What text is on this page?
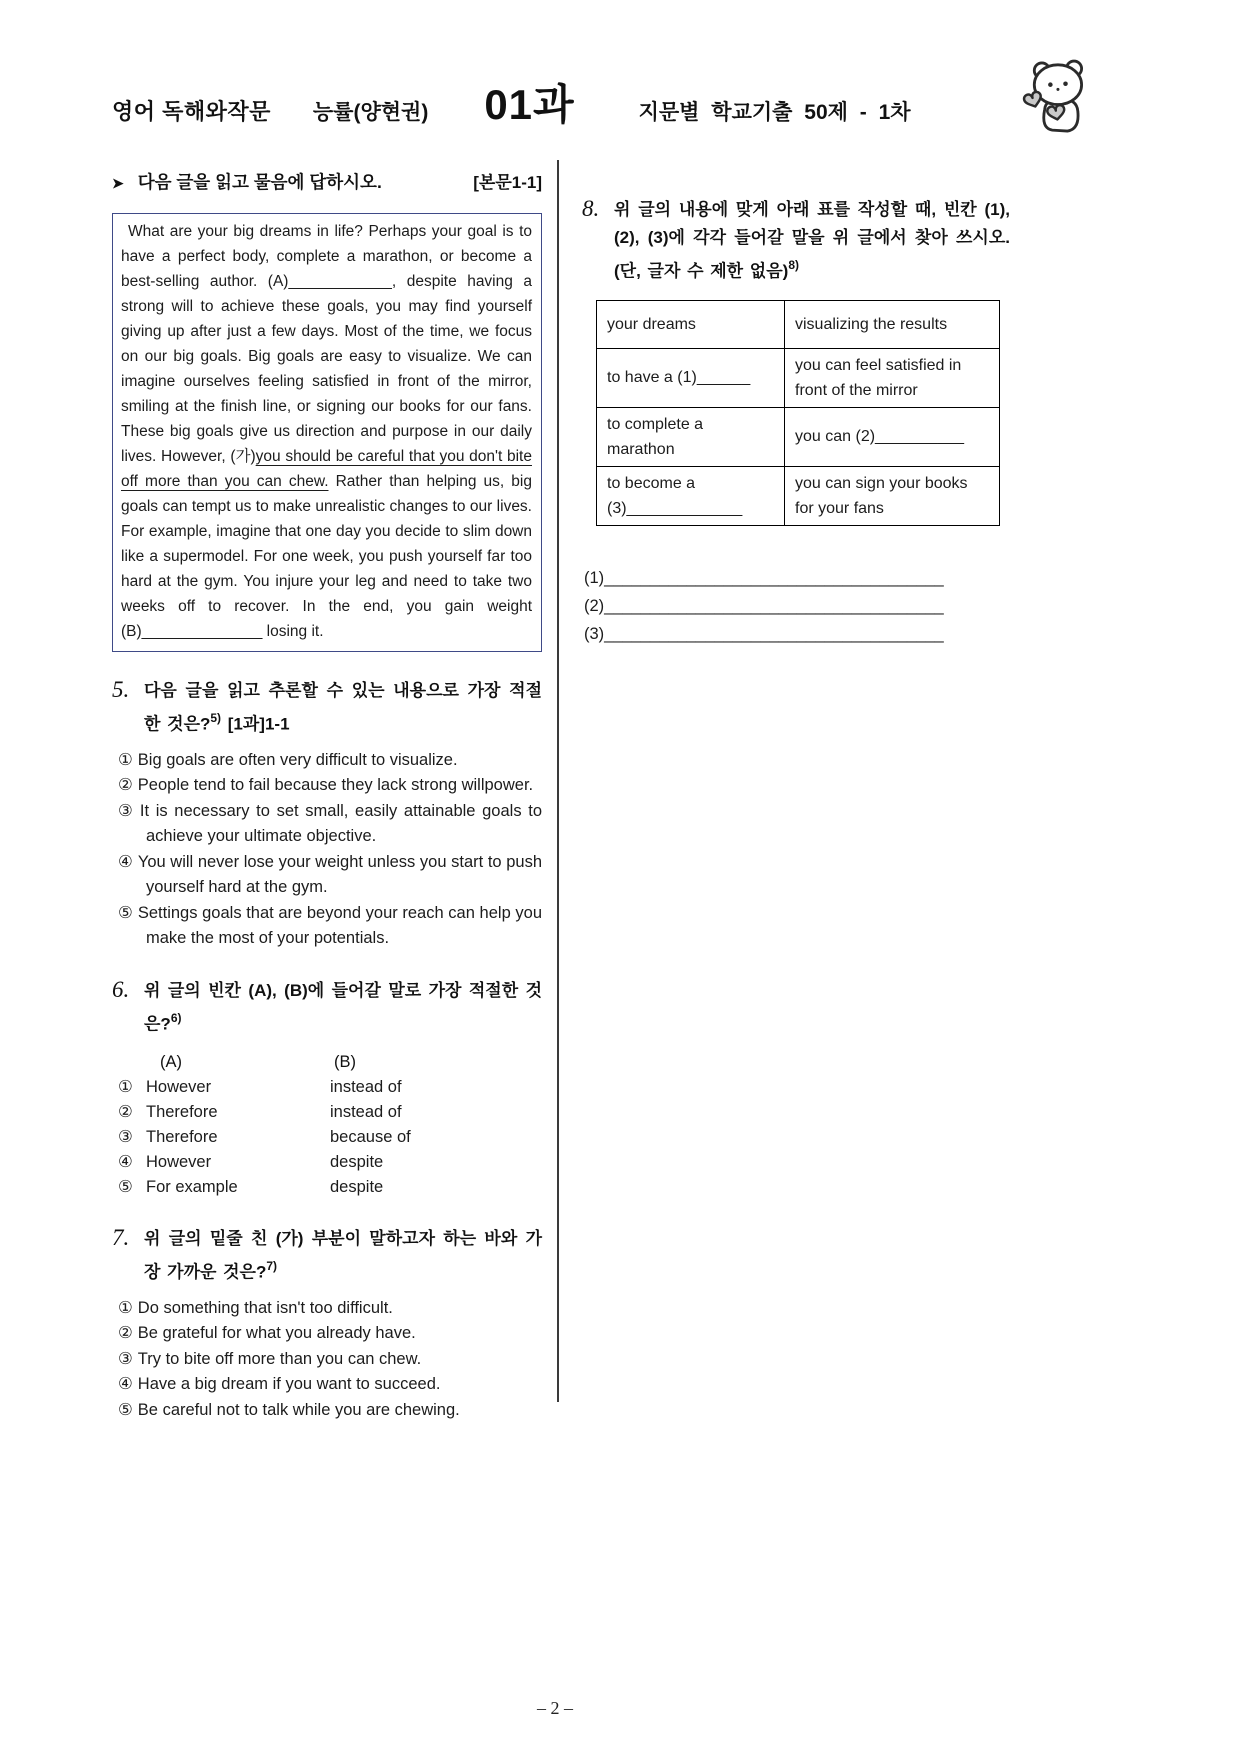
영어 독해와작문 능률(양현권) 01과	지문별 학교기출 50제 - 1차
➤ 다음 글을 읽고 물음에 답하시오.	[본문1-1]

What are your big dreams in life? Perhaps your goal is to have a perfect body, complete a marathon, or become a best-selling author. (A)____________, despite having a strong will to achieve these goals, you may find yourself giving up after just a few days. Most of the time, we focus on our big goals. Big goals are easy to visualize. We can imagine ourselves feeling satisfied in front of the mirror, smiling at the finish line, or signing our books for our fans. These big goals give us direction and purpose in our daily lives. However, (가)you should be careful that you don't bite off more than you can chew. Rather than helping us, big goals can tempt us to make unrealistic changes to our lives. For example, imagine that one day you decide to slim down like a supermodel. For one week, you push yourself far too hard at the gym. You injure your leg and need to take two weeks off to recover. In the end, you gain weight (B)______________ losing it.

5. 다음 글을 읽고 추론할 수 있는 내용으로 가장 적절한 것은?$^{5)}$ [1과]1-1
① Big goals are often very difficult to visualize.
② People tend to fail because they lack strong willpower.
③ It is necessary to set small, easily attainable goals to achieve your ultimate objective.
④ You will never lose your weight unless you start to push yourself hard at the gym.
⑤ Settings goals that are beyond your reach can help you make the most of your potentials.
6. 위 글의 빈칸 (A), (B)에 들어갈 말로 가장 적절한 것은?$^{6)}$
(A)	(B)
① However	instead of
② Therefore	instead of
③ Therefore	because of
④ However	despite
⑤ For example	despite
7. 위 글의 밑줄 친 (가) 부분이 말하고자 하는 바와 가장 가까운 것은?$^{7)}$
① Do something that isn't too difficult.
② Be grateful for what you already have.
③ Try to bite off more than you can chew.
④ Have a big dream if you want to succeed.
⑤ Be careful not to talk while you are chewing.
8. 위 글의 내용에 맞게 아래 표를 작성할 때, 빈칸 (1), (2), (3)에 각각 들어갈 말을 위 글에서 찾아 쓰시오. (단, 글자 수 제한 없음)$^{8)}$
your dreams	visualizing the results
to have a (1)______	you can feel satisfied in front of the mirror
to complete a marathon	you can (2)__________
to become a (3)_____________	you can sign your books for your fans
(1)_____________________________________
(2)_____________________________________
(3)_____________________________________
– 2 –
